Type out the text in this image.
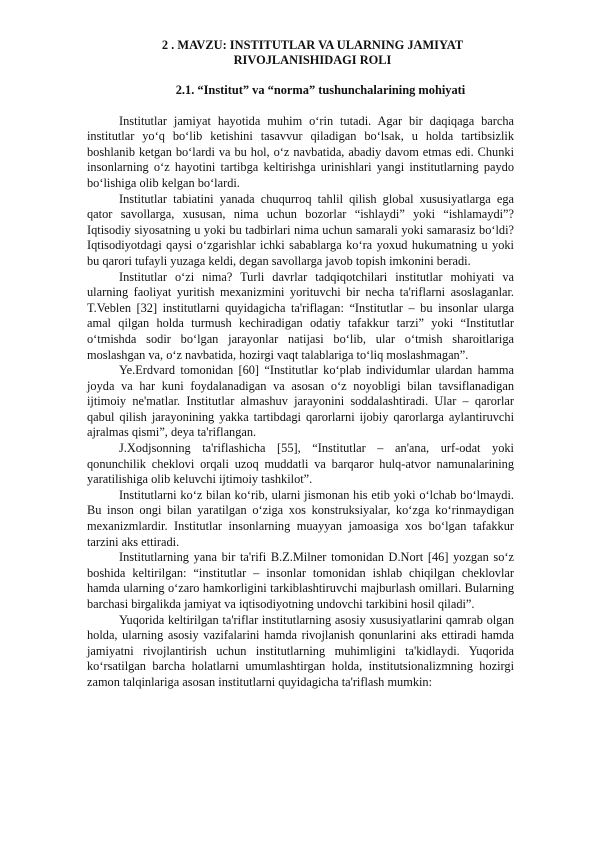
2 . MAVZU: INSTITUTLAR VA ULARNING JAMIYAT

RIVOJLANISHIDAGI ROLI

2.1. “Institut” va “norma” tushunchalarining mohiyati

Institutlar jamiyat hayotida muhim o‘rin tutadi. Agar bir daqiqaga barcha institutlar yo‘q bo‘lib ketishini tasavvur qiladigan bo‘lsak, u holda tartibsizlik boshlanib ketgan bo‘lardi va bu hol, o‘z navbatida, abadiy davom etmas edi. Chunki insonlarning o‘z hayotini tartibga keltirishga urinishlari yangi institutlarning paydo bo‘lishiga olib kelgan bo‘lardi.

Institutlar tabiatini yanada chuqurroq tahlil qilish global xususiyatlarga ega qator savollarga, xususan, nima uchun bozorlar “ishlaydi” yoki “ishlamaydi”? Iqtisodiy siyosatning u yoki bu tadbirlari nima uchun samarali yoki samarasiz bo‘ldi? Iqtisodiyotdagi qaysi o‘zgarishlar ichki sabablarga ko‘ra yoxud hukumatning u yoki bu qarori tufayli yuzaga keldi, degan savollarga javob topish imkonini beradi.

Institutlar o‘zi nima? Turli davrlar tadqiqotchilari institutlar mohiyati va ularning faoliyat yuritish mexanizmini yorituvchi bir necha ta'riflarni asoslaganlar. T.Veblen [32] institutlarni quyidagicha ta'riflagan: “Institutlar – bu insonlar ularga amal qilgan holda turmush kechiradigan odatiy tafakkur tarzi” yoki “Institutlar o‘tmishda sodir bo‘lgan jarayonlar natijasi bo‘lib, ular o‘tmish sharoitlariga moslashgan va, o‘z navbatida, hozirgi vaqt talablariga to‘liq moslashmagan”.

Ye.Erdvard tomonidan [60] “Institutlar ko‘plab individumlar ulardan hamma joyda va har kuni foydalanadigan va asosan o‘z noyobligi bilan tavsiflanadigan ijtimoiy ne'matlar. Institutlar almashuv jarayonini soddalashtiradi. Ular – qarorlar qabul qilish jarayonining yakka tartibdagi qarorlarni ijobiy qarorlarga aylantiruvchi ajralmas qismi”, deya ta'riflangan.

J.Xodjsonning ta'riflashicha [55], “Institutlar – an'ana, urf-odat yoki qonunchilik cheklovi orqali uzoq muddatli va barqaror hulq-atvor namunalarining yaratilishiga olib keluvchi ijtimoiy tashkilot”.

Institutlarni ko‘z bilan ko‘rib, ularni jismonan his etib yoki o‘lchab bo‘lmaydi. Bu inson ongi bilan yaratilgan o‘ziga xos konstruksiyalar, ko‘zga ko‘rinmaydigan mexanizmlardir. Institutlar insonlarning muayyan jamoasiga xos bo‘lgan tafakkur tarzini aks ettiradi.

Institutlarning yana bir ta'rifi B.Z.Milner tomonidan D.Nort [46] yozgan so‘z boshida keltirilgan: “institutlar – insonlar tomonidan ishlab chiqilgan cheklovlar hamda ularning o‘zaro hamkorligini tarkiblashtiruvchi majburlash omillari. Bularning barchasi birgalikda jamiyat va iqtisodiyotning undovchi tarkibini hosil qiladi”.

Yuqorida keltirilgan ta'riflar institutlarning asosiy xususiyatlarini qamrab olgan holda, ularning asosiy vazifalarini hamda rivojlanish qonunlarini aks ettiradi hamda jamiyatni rivojlantirish uchun institutlarning muhimligini ta'kidlaydi. Yuqorida ko‘rsatilgan barcha holatlarni umumlashtirgan holda, institutsionalizmning hozirgi zamon talqinlariga asosan institutlarni quyidagicha ta'riflash mumkin:
